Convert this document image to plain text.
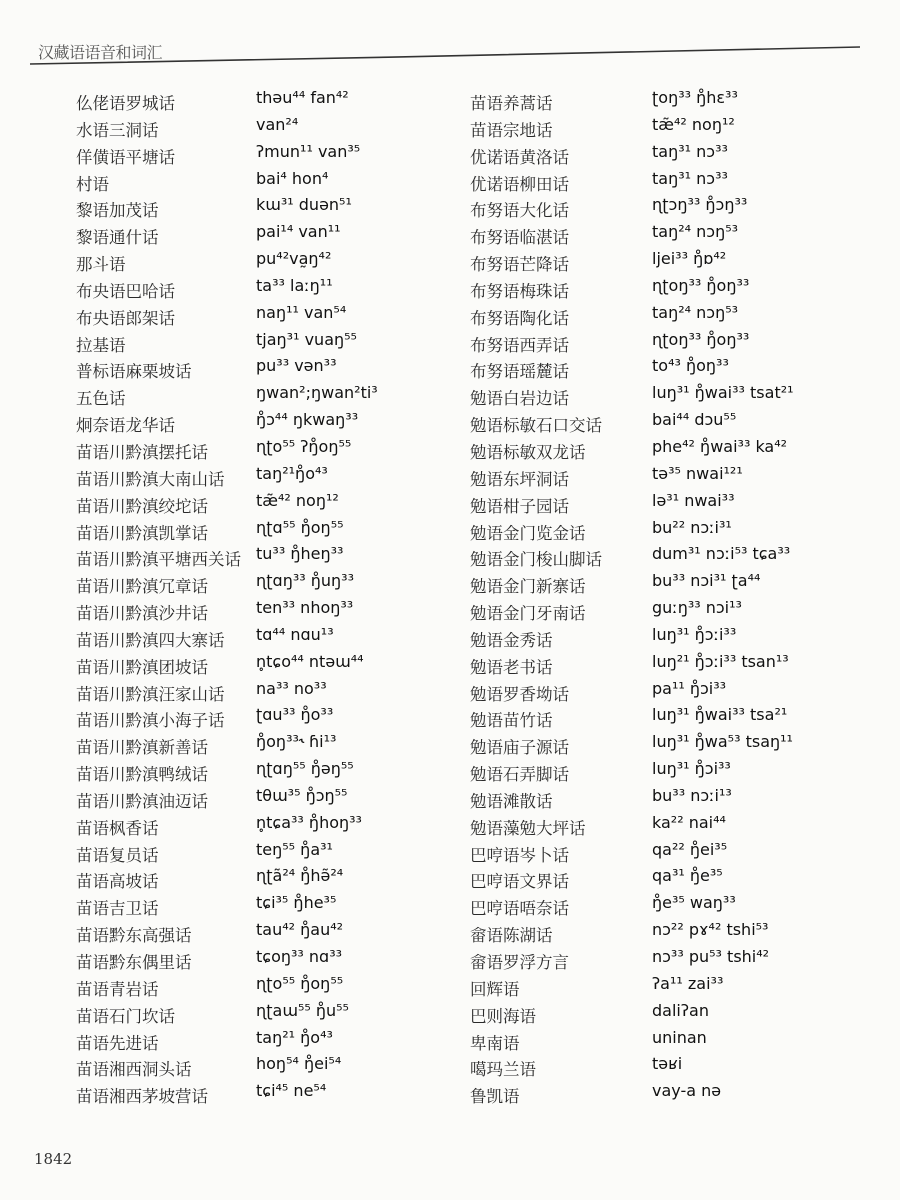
汉藏语语音和词汇
仫佬语罗城话	thəu⁴⁴ fan⁴²
水语三洞话	van²⁴
佯僙语平塘话	ʔmun¹¹ van³⁵
村语	bai⁴ hon⁴
黎语加茂话	kɯ³¹ duən⁵¹
黎语通什话	pai¹⁴ van¹¹
那斗语	pu⁴²va̰ŋ⁴²
布央语巴哈话	ta³³ laːŋ¹¹
布央语郎架话	naŋ¹¹ van⁵⁴
拉基语	tjaŋ³¹ vuaŋ⁵⁵
普标语麻栗坡话	pu³³ vən³³
五色话	ŋwan²;ŋwan²ti³
炯奈语龙华话	ŋ̊ɔ⁴⁴ ŋkwaŋ³³
苗语川黔滇摆托话	ɳʈo⁵⁵ ʔŋ̊oŋ⁵⁵
苗语川黔滇大南山话 taŋ²¹ŋ̊o⁴³
苗语川黔滇绞坨话	tæ̃⁴² noŋ¹²
苗语川黔滇凯掌话	ɳʈɑ⁵⁵ ŋ̊oŋ⁵⁵
苗语川黔滇平塘西关话 tu³³ ŋ̊heŋ³³
苗语川黔滇冗章话	ɳʈɑŋ³³ ŋ̊uŋ³³
苗语川黔滇沙井话	ten³³ nhoŋ³³
苗语川黔滇四大寨话 tɑ⁴⁴ nɑu¹³
苗语川黔滇团坡话	n̥tɕo⁴⁴ ntəɯ⁴⁴
苗语川黔滇汪家山话 na³³ no³³
苗语川黔滇小海子话 ʈɑu³³ ŋ̊o³³
苗语川黔滇新善话	ŋ̊oŋ³³˞ ɦi¹³
苗语川黔滇鸭绒话	ɳʈɑŋ⁵⁵ ŋ̊əŋ⁵⁵
苗语川黔滇油迈话	tθɯ³⁵ ŋ̊ɔŋ⁵⁵
苗语枫香话	n̥tɕa³³ ŋ̊hoŋ³³
苗语复员话	teŋ⁵⁵ ŋ̊a³¹
苗语高坡话	ɳʈã²⁴ ŋ̊hə̃²⁴
苗语吉卫话	tɕi³⁵ ŋ̊he³⁵
苗语黔东高强话	tau⁴² ŋ̊au⁴²
苗语黔东偶里话	tɕoŋ³³ nɑ³³
苗语青岩话	ɳʈo⁵⁵ ŋ̊oŋ⁵⁵
苗语石门坎话	ɳʈaɯ⁵⁵ ŋ̊u⁵⁵
苗语先进话	taŋ²¹ ŋ̊o⁴³
苗语湘西洞头话	hoŋ⁵⁴ ŋ̊ei⁵⁴
苗语湘西茅坡营话	tɕi⁴⁵ ne⁵⁴
苗语养蒿话	ʈoŋ³³ ŋ̊hɛ³³
苗语宗地话	tæ̃⁴² noŋ¹²
优诺语黄洛话	taŋ³¹ nɔ³³
优诺语柳田话	taŋ³¹ nɔ³³
布努语大化话	ɳʈɔŋ³³ ŋ̊ɔŋ³³
布努语临湛话	taŋ²⁴ nɔŋ⁵³
布努语芒降话	ljei³³ ŋ̊ɒ⁴²
布努语梅珠话	ɳʈoŋ³³ ŋ̊oŋ³³
布努语陶化话	taŋ²⁴ nɔŋ⁵³
布努语西弄话	ɳʈoŋ³³ ŋ̊oŋ³³
布努语瑶麓话	to⁴³ ŋ̊oŋ³³
勉语白岩边话	luŋ³¹ ŋ̊wai³³ tsat²¹
勉语标敏石口交话	bai⁴⁴ dɔu⁵⁵
勉语标敏双龙话	phe⁴² ŋ̊wai³³ ka⁴²
勉语东坪洞话	tə³⁵ nwai¹²¹
勉语柑子园话	lə³¹ nwai³³
勉语金门览金话	bu²² nɔːi³¹
勉语金门梭山脚话	dum³¹ nɔːi⁵³ tɕa³³
勉语金门新寨话	bu³³ nɔi³¹ ʈa⁴⁴
勉语金门牙南话	guːŋ³³ nɔi¹³
勉语金秀话	luŋ³¹ ŋ̊ɔːi³³
勉语老书话	luŋ²¹ ŋ̊ɔːi³³ tsan¹³
勉语罗香坳话	pa¹¹ ŋ̊ɔi³³
勉语苗竹话	luŋ³¹ ŋ̊wai³³ tsa²¹
勉语庙子源话	luŋ³¹ ŋ̊wa⁵³ tsaŋ¹¹
勉语石弄脚话	luŋ³¹ ŋ̊ɔi³³
勉语滩散话	bu³³ nɔːi¹³
勉语藻勉大坪话	ka²² nai⁴⁴
巴哼语岑卜话	qa²² ŋ̊ei³⁵
巴哼语文界话	qa³¹ ŋ̊e³⁵
巴哼语唔奈话	ŋ̊e³⁵ waŋ³³
畲语陈湖话	nɔ²² pɤ⁴² tshi⁵³
畲语罗浮方言	nɔ³³ pu⁵³ tshi⁴²
回辉语	ʔa¹¹ zai³³
巴则海语	daliʔan
卑南语	uninan
噶玛兰语	təʁi
鲁凯语	vay-a nə
1842
